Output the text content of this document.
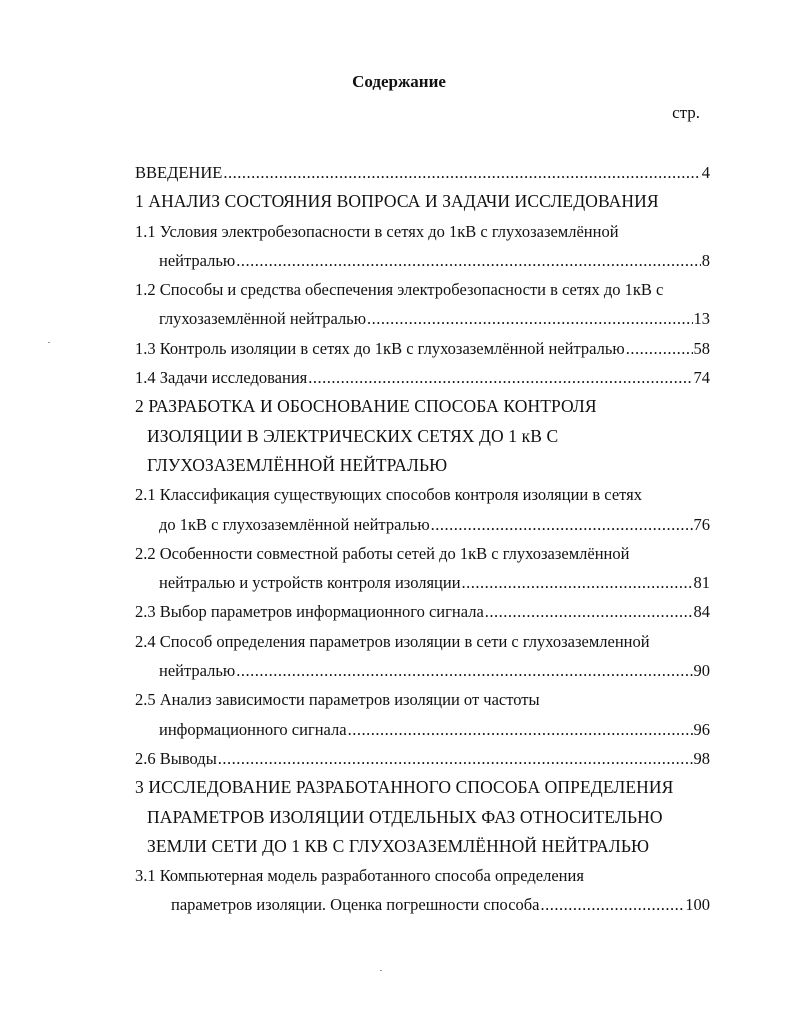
Содержание
стр.
ВВЕДЕНИЕ .....	4
1 АНАЛИЗ СОСТОЯНИЯ ВОПРОСА И ЗАДАЧИ ИССЛЕДОВАНИЯ
1.1 Условия электробезопасности в сетях до 1кВ с глухозаземлённой
нейтралью .....	8
1.2 Способы и средства обеспечения электробезопасности в сетях до 1кВ с
глухозаземлённой нейтралью .....	13
1.3 Контроль изоляции в сетях до 1кВ с глухозаземлённой нейтралью .....	58
1.4 Задачи исследования .....	74
2 РАЗРАБОТКА И ОБОСНОВАНИЕ СПОСОБА КОНТРОЛЯ
ИЗОЛЯЦИИ В ЭЛЕКТРИЧЕСКИХ СЕТЯХ ДО 1 кВ С
ГЛУХОЗАЗЕМЛЁННОЙ НЕЙТРАЛЬЮ
2.1 Классификация существующих способов контроля изоляции в сетях
до 1кВ с глухозаземлённой нейтралью .....	76
2.2 Особенности совместной работы сетей до 1кВ с глухозаземлённой
нейтралью и устройств контроля изоляции .....	81
2.3 Выбор параметров информационного сигнала .....	84
2.4 Способ определения параметров изоляции в сети с глухозаземленной
нейтралью .....	90
2.5 Анализ зависимости параметров изоляции от частоты
информационного сигнала .....	96
2.6 Выводы .....	98
3 ИССЛЕДОВАНИЕ РАЗРАБОТАННОГО СПОСОБА ОПРЕДЕЛЕНИЯ
ПАРАМЕТРОВ ИЗОЛЯЦИИ ОТДЕЛЬНЫХ ФАЗ ОТНОСИТЕЛЬНО
ЗЕМЛИ СЕТИ ДО 1 КВ С ГЛУХОЗАЗЕМЛЁННОЙ НЕЙТРАЛЬЮ
3.1 Компьютерная модель разработанного способа определения
параметров изоляции. Оценка погрешности способа .....	100
